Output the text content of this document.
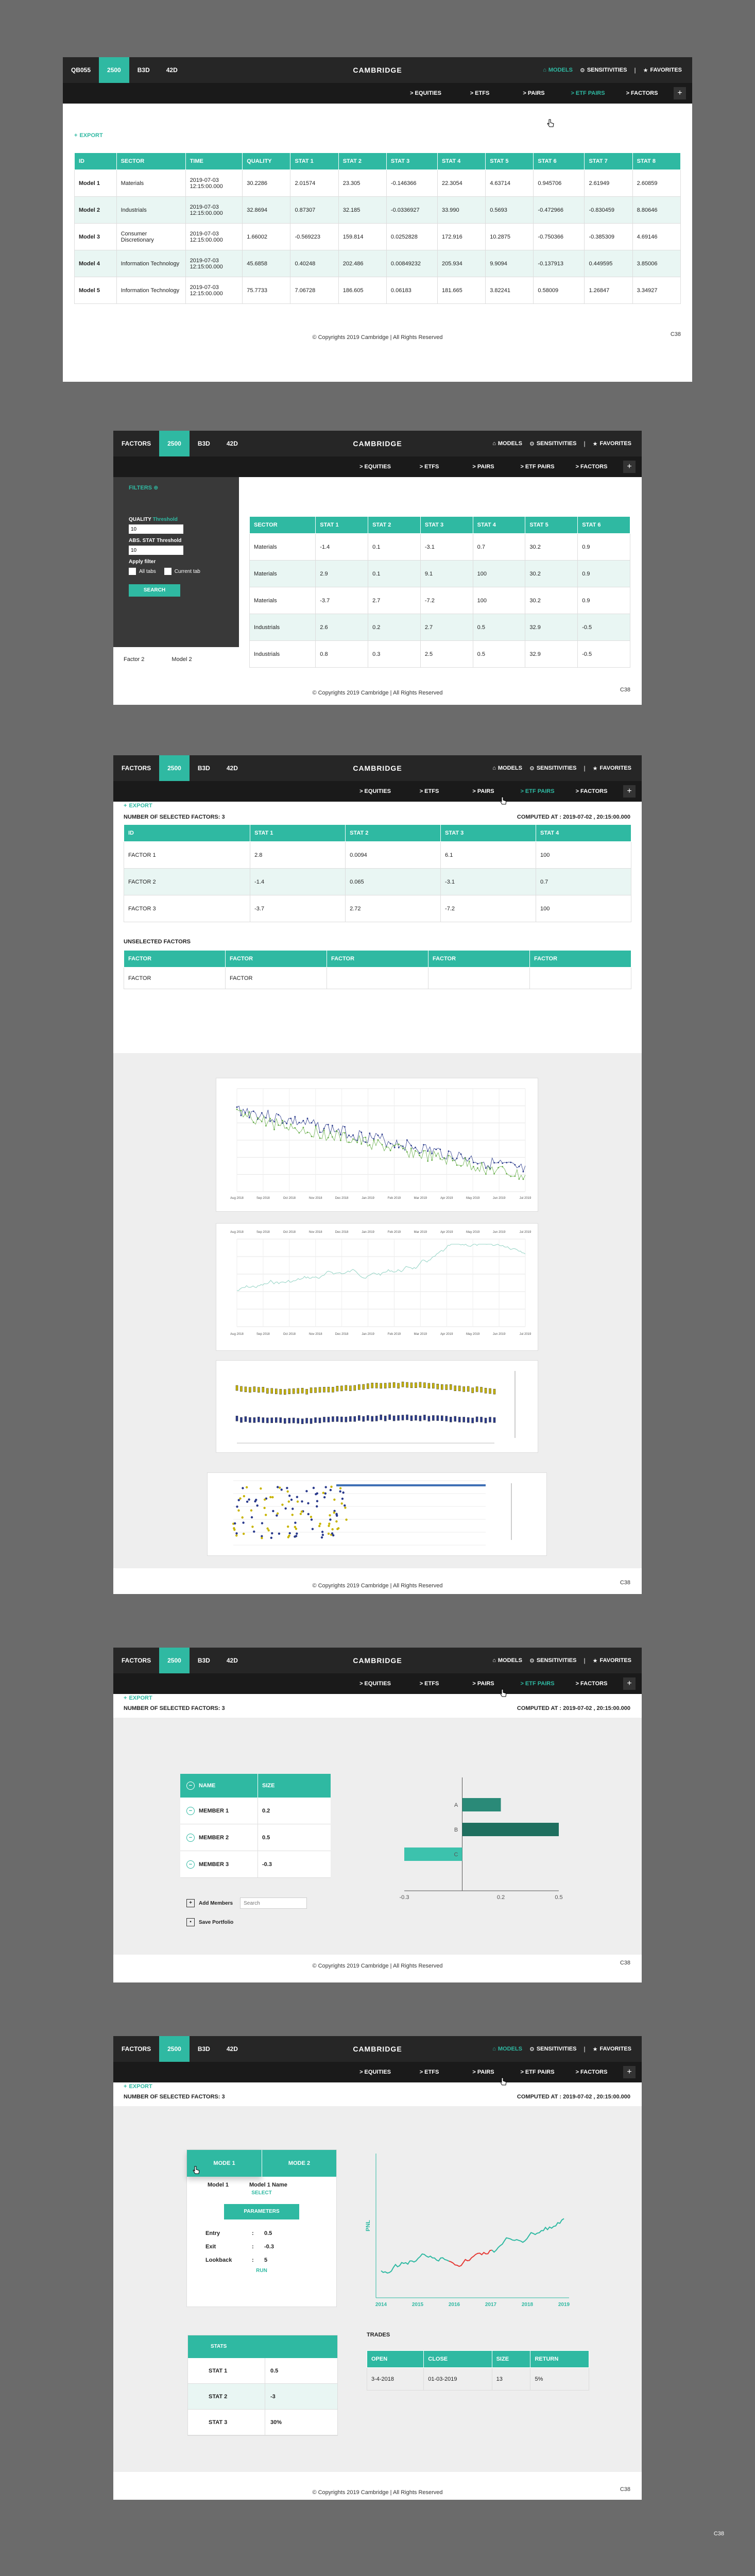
QB055	2500	B3D	42D	CAMBRIDGE	⌂ MODELS ⚙ SENSITIVITIES | ★ FAVORITES
> EQUITIES	> ETFS	> PAIRS	> ETF PAIRS	> FACTORS	+
+ EXPORT
ID	SECTOR	TIME	QUALITY	STAT 1	STAT 2	STAT 3	STAT 4	STAT 5	STAT 6	STAT 7	STAT 8
Model 1	Materials	2019-07-03 12:15:00.000	30.2286	2.01574	23.305	-0.146366	22.3054	4.63714	0.945706	2.61949	2.60859
Model 2	Industrials	2019-07-03 12:15:00.000	32.8694	0.87307	32.185	-0.0336927	33.990	0.5693	-0.472966	-0.830459	8.80646
Model 3	Consumer Discretionary	2019-07-03 12:15:00.000	1.66002	-0.569223	159.814	0.0252828	172.916	10.2875	-0.750366	-0.385309	4.69146
Model 4	Information Technology	2019-07-03 12:15:00.000	45.6858	0.40248	202.486	0.00849232	205.934	9.9094	-0.137913	0.449595	3.85006
Model 5	Information Technology	2019-07-03 12:15:00.000	75.7733	7.06728	186.605	0.06183	181.665	3.82241	0.58009	1.26847	3.34927
© Copyrights 2019 Cambridge | All Rights Reserved	C38
FACTORS	2500	B3D	42D	CAMBRIDGE	⌂ MODELS ⚙ SENSITIVITIES | ★ FAVORITES
> EQUITIES	> ETFS	> PAIRS	> ETF PAIRS	> FACTORS	+
SECTOR	STAT 1	STAT 2	STAT 3	STAT 4	STAT 5	STAT 6
Materials	-1.4	0.1	-3.1	0.7	30.2	0.9
Materials	2.9	0.1	9.1	100	30.2	0.9
Materials	-3.7	2.7	-7.2	100	30.2	0.9
Industrials	2.6	0.2	2.7	0.5	32.9	-0.5
Industrials	0.8	0.3	2.5	0.5	32.9	-0.5
Factor 2	Model 2
FILTERS ⊕
QUALITY Threshold
10
ABS. STAT Threshold
10
Apply filter
All tabs	Current tab
SEARCH
© Copyrights 2019 Cambridge | All Rights Reserved	C38
FACTORS	2500	B3D	42D	CAMBRIDGE	⌂ MODELS ⚙ SENSITIVITIES | ★ FAVORITES
> EQUITIES	> ETFS	> PAIRS	> ETF PAIRS	> FACTORS	+
+ EXPORT
NUMBER OF SELECTED FACTORS: 3	COMPUTED AT : 2019-07-02 , 20:15:00.000
ID	STAT 1	STAT 2	STAT 3	STAT 4
FACTOR 1	2.8	0.0094	6.1	100
FACTOR 2	-1.4	0.065	-3.1	0.7
FACTOR 3	-3.7	2.72	-7.2	100
UNSELECTED FACTORS
FACTOR	FACTOR	FACTOR	FACTOR	FACTOR
FACTOR	FACTOR			
Aug 2018	Sep 2018	Oct 2018	Nov 2018	Dec 2018	Jan 2019	Feb 2019	Mar 2019	Apr 2019	May 2019	Jun 2019	Jul 2019
Aug 2018
Aug 2018
Sep 2018
Sep 2018
Oct 2018
Oct 2018
Nov 2018
Nov 2018
Dec 2018
Dec 2018
Jan 2019
Jan 2019
Feb 2019
Feb 2019
Mar 2019
Mar 2019
Apr 2019
Apr 2019
May 2019
May 2019
Jun 2019
Jun 2019
Jul 2019
Jul 2019
© Copyrights 2019 Cambridge | All Rights Reserved	C38
FACTORS	2500	B3D	42D	CAMBRIDGE	⌂ MODELS ⚙ SENSITIVITIES | ★ FAVORITES
> EQUITIES	> ETFS	> PAIRS	> ETF PAIRS	> FACTORS	+
+ EXPORT
NUMBER OF SELECTED FACTORS: 3	COMPUTED AT : 2019-07-02 , 20:15:00.000
−	NAME	SIZE
−	MEMBER 1	0.2
−	MEMBER 2	0.5
−	MEMBER 3	-0.3
+	Add Members
Search
▪	Save Portfolio
A
B
C
-0.3	0.2	0.5
© Copyrights 2019 Cambridge | All Rights Reserved	C38
FACTORS	2500	B3D	42D	CAMBRIDGE	⌂ MODELS ⚙ SENSITIVITIES | ★ FAVORITES
> EQUITIES	> ETFS	> PAIRS	> ETF PAIRS	> FACTORS	+
+ EXPORT
NUMBER OF SELECTED FACTORS: 3	COMPUTED AT : 2019-07-02 , 20:15:00.000
MODE 1	MODE 2
Model 1	Model 1 Name
SELECT
PARAMETERS
Entry	:	0.5
Exit	:	-0.3
Lookback	:	5
RUN
PNL
2014	2015	2016	2017	2018	2019
STATS
STAT 1	0.5
STAT 2	-3
STAT 3	30%
TRADES
OPEN	CLOSE	SIZE	RETURN
3-4-2018	01-03-2019	13	5%
© Copyrights 2019 Cambridge | All Rights Reserved	C38
C38
